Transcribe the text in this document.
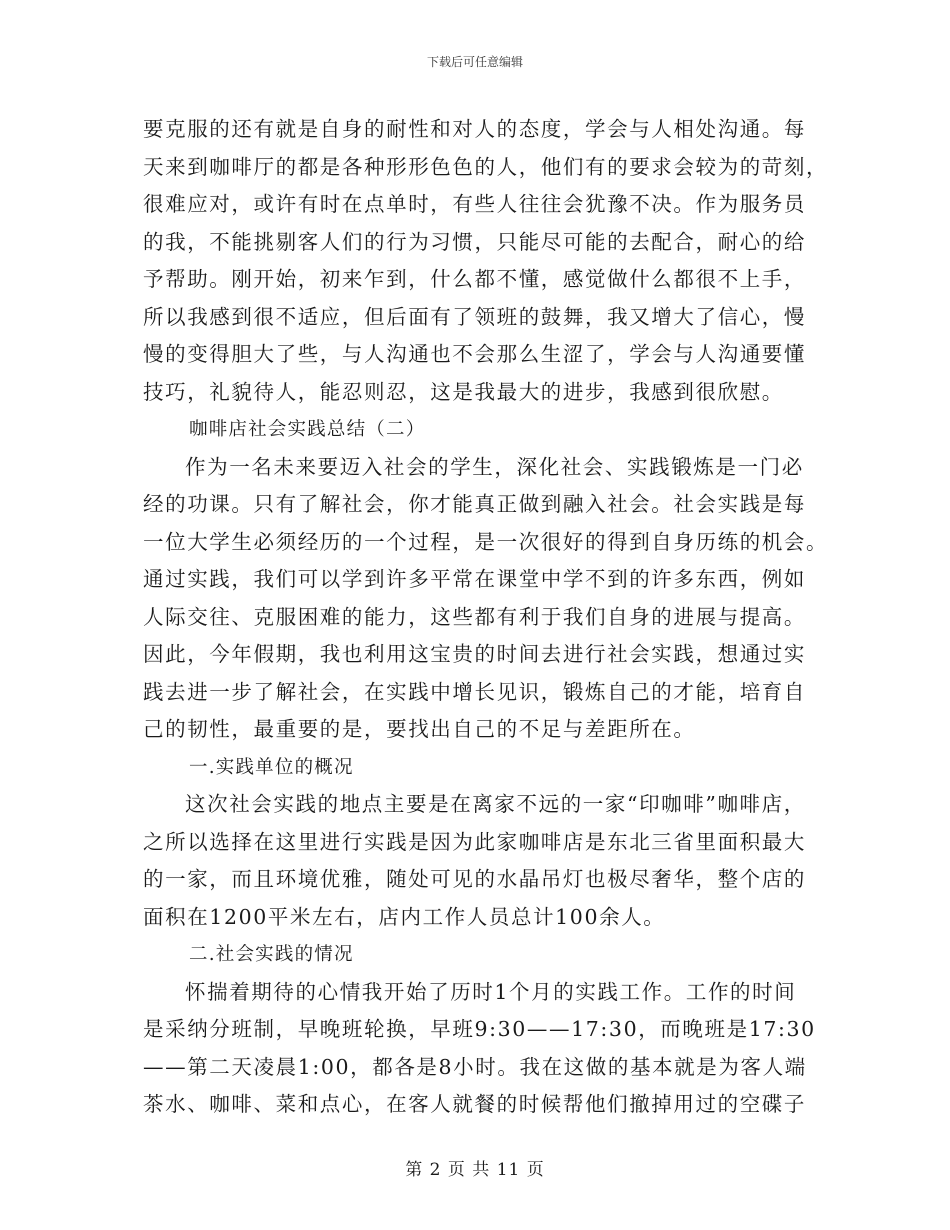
下载后可任意编辑
要克服的还有就是自身的耐性和对人的态度，学会与人相处沟通。每
天来到咖啡厅的都是各种形形色色的人，他们有的要求会较为的苛刻，
很难应对，或许有时在点单时，有些人往往会犹豫不决。作为服务员
的我，不能挑剔客人们的行为习惯，只能尽可能的去配合，耐心的给
予帮助。刚开始，初来乍到，什么都不懂，感觉做什么都很不上手，
所以我感到很不适应，但后面有了领班的鼓舞，我又增大了信心，慢
慢的变得胆大了些，与人沟通也不会那么生涩了，学会与人沟通要懂
技巧，礼貌待人，能忍则忍，这是我最大的进步，我感到很欣慰。
咖啡店社会实践总结（二）
作为一名未来要迈入社会的学生，深化社会、实践锻炼是一门必
经的功课。只有了解社会，你才能真正做到融入社会。社会实践是每
一位大学生必须经历的一个过程，是一次很好的得到自身历练的机会。
通过实践，我们可以学到许多平常在课堂中学不到的许多东西，例如
人际交往、克服困难的能力，这些都有利于我们自身的进展与提高。
因此，今年假期，我也利用这宝贵的时间去进行社会实践，想通过实
践去进一步了解社会，在实践中增长见识，锻炼自己的才能，培育自
己的韧性，最重要的是，要找出自己的不足与差距所在。
一.实践单位的概况
这次社会实践的地点主要是在离家不远的一家“印咖啡”咖啡店，
之所以选择在这里进行实践是因为此家咖啡店是东北三省里面积最大
的一家，而且环境优雅，随处可见的水晶吊灯也极尽奢华，整个店的
面积在1200平米左右，店内工作人员总计100余人。
二.社会实践的情况
怀揣着期待的心情我开始了历时1个月的实践工作。工作的时间
是采纳分班制，早晚班轮换，早班9:30——17:30，而晚班是17:30
——第二天凌晨1:00，都各是8小时。我在这做的基本就是为客人端
茶水、咖啡、菜和点心，在客人就餐的时候帮他们撤掉用过的空碟子
第 2 页 共 11 页
